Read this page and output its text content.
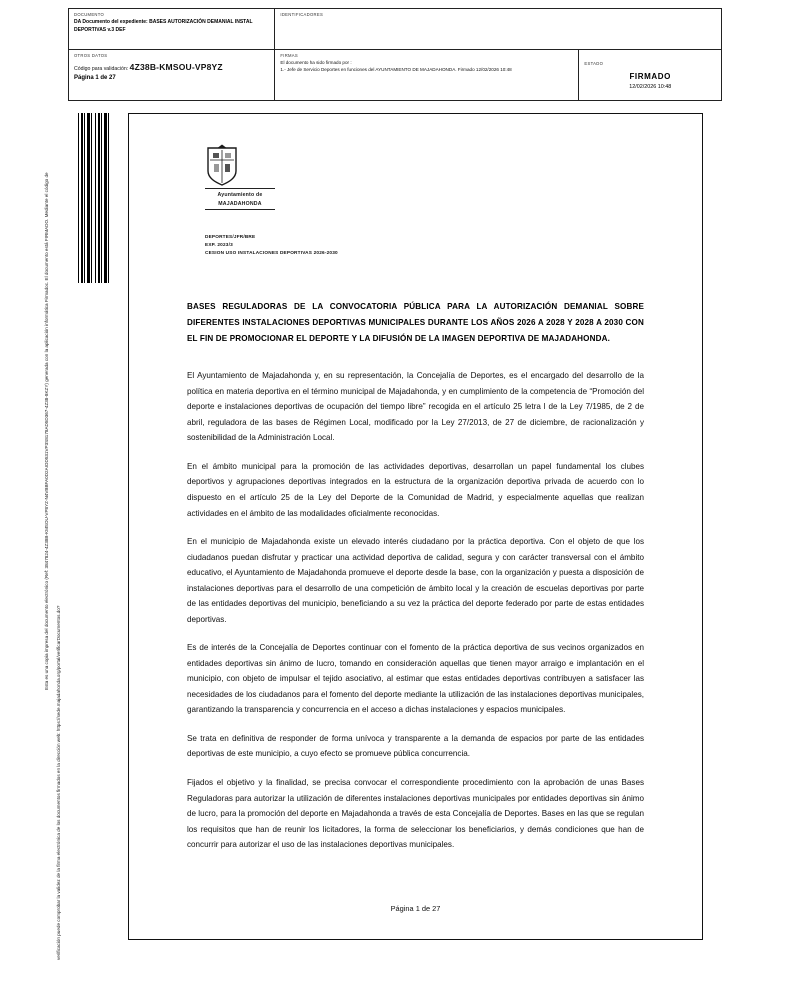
DOCUMENTO
DA Documento del expediente: BASES AUTORIZACIÓN DEMANIAL INSTAL DEPORTIVAS v.3 DEF
IDENTIFICADORES
OTROS DATOS
Código para validación: 4Z38B-KMSOU-VP8YZ
Página 1 de 27
FIRMAS
El documento ha sido firmado por :
1.- Jefe de Servicio Deportes en funciones del AYUNTAMIENTO DE MAJADAHONDA. Firmado 12/02/2026 10:48
ESTADO
FIRMADO
12/02/2026 10:48
Esta es una copia impresa del documento electrónico (Ref: 3847824-4Z38B-KMSOU-VP8YZ-N4VBBFA0D2AIOD531VP3S8178AD5D367-4Z38-8KZY) generada con la aplicación informática Firmadoc. El documento está FIRMADO. Mediante el código de
verificación puede comprobar la validez de la firma electrónica de los documentos firmados en la dirección web: https://sede.majadahonda.org/portal/verificarDocumentos.do?
Ayuntamiento de
MAJADAHONDA
DEPORTES/JFR/BRE
EXP. 2023/3
CESION USO INSTALACIONES DEPORTIVAS 2026-2030
BASES REGULADORAS DE LA CONVOCATORIA PÚBLICA PARA LA AUTORIZACIÓN DEMANIAL SOBRE DIFERENTES INSTALACIONES DEPORTIVAS MUNICIPALES DURANTE LOS AÑOS 2026 A 2028 Y 2028 A 2030 CON EL FIN DE PROMOCIONAR EL DEPORTE Y LA DIFUSIÓN DE LA IMAGEN DEPORTIVA DE MAJADAHONDA.

El Ayuntamiento de Majadahonda y, en su representación, la Concejalía de Deportes, es el encargado del desarrollo de la política en materia deportiva en el término municipal de Majadahonda, y en cumplimiento de la competencia de “Promoción del deporte e instalaciones deportivas de ocupación del tiempo libre” recogida en el artículo 25 letra l de la Ley 7/1985, de 2 de abril, reguladora de las bases de Régimen Local, modificado por la Ley 27/2013, de 27 de diciembre, de racionalización y sostenibilidad de la Administración Local.

En el ámbito municipal para la promoción de las actividades deportivas, desarrollan un papel fundamental los clubes deportivos y agrupaciones deportivas integrados en la estructura de la organización deportiva privada de acuerdo con lo dispuesto en el artículo 25 de la Ley del Deporte de la Comunidad de Madrid, y especialmente aquellas que realizan actividades en el ámbito de las modalidades oficialmente reconocidas.

En el municipio de Majadahonda existe un elevado interés ciudadano por la práctica deportiva. Con el objeto de que los ciudadanos puedan disfrutar y practicar una actividad deportiva de calidad, segura y con carácter transversal con el ámbito educativo, el Ayuntamiento de Majadahonda promueve el deporte desde la base, con la organización y puesta a disposición de instalaciones deportivas para el desarrollo de una competición de ámbito local y la creación de escuelas deportivas por parte de las entidades deportivas del municipio, beneficiando a su vez la práctica del deporte federado por parte de estas entidades deportivas.

Es de interés de la Concejalía de Deportes continuar con el fomento de la práctica deportiva de sus vecinos organizados en entidades deportivas sin ánimo de lucro, tomando en consideración aquellas que tienen mayor arraigo e implantación en el municipio, con objeto de impulsar el tejido asociativo, al estimar que estas entidades deportivas contribuyen a satisfacer las necesidades de los ciudadanos para el fomento del deporte mediante la utilización de las instalaciones deportivas municipales, garantizando la transparencia y concurrencia en el acceso a dichas instalaciones y espacios municipales.

Se trata en definitiva de responder de forma unívoca y transparente a la demanda de espacios por parte de las entidades deportivas de este municipio, a cuyo efecto se promueve pública concurrencia.

Fijados el objetivo y la finalidad, se precisa convocar el correspondiente procedimiento con la aprobación de unas Bases Reguladoras para autorizar la utilización de diferentes instalaciones deportivas municipales por entidades deportivas sin ánimo de lucro, para la promoción del deporte en Majadahonda a través de esta Concejalía de Deportes. Bases en las que se regulan los requisitos que han de reunir los licitadores, la forma de seleccionar los beneficiarios, y demás condiciones que han de concurrir para autorizar el uso de las instalaciones deportivas municipales.

Página 1 de 27
